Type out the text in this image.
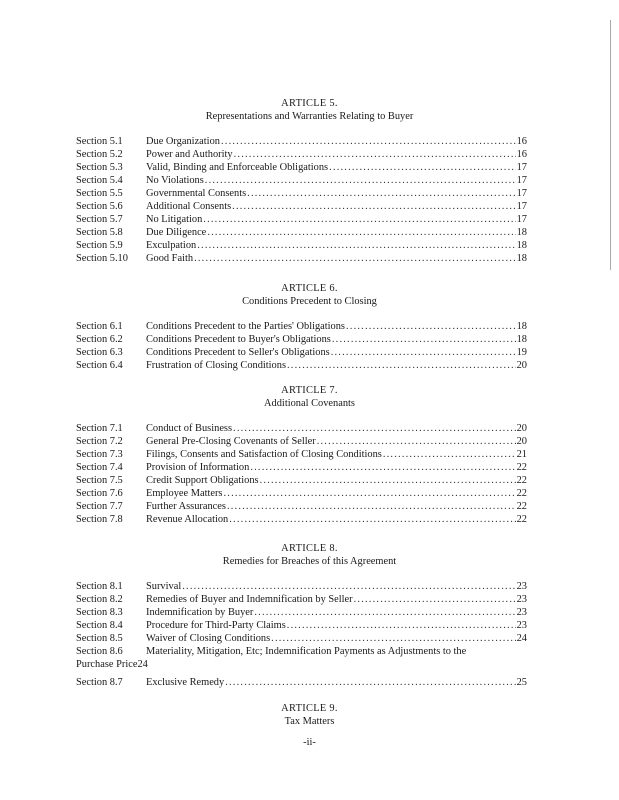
ARTICLE 5.
Representations and Warranties Relating to Buyer
Section 5.1	Due Organization .....	16
Section 5.2	Power and Authority .....	16
Section 5.3	Valid, Binding and Enforceable Obligations .....	17
Section 5.4	No Violations .....	17
Section 5.5	Governmental Consents .....	17
Section 5.6	Additional Consents .....	17
Section 5.7	No Litigation .....	17
Section 5.8	Due Diligence .....	18
Section 5.9	Exculpation .....	18
Section 5.10	Good Faith .....	18
ARTICLE 6.
Conditions Precedent to Closing
Section 6.1	Conditions Precedent to the Parties' Obligations .....	18
Section 6.2	Conditions Precedent to Buyer's Obligations .....	18
Section 6.3	Conditions Precedent to Seller's Obligations .....	19
Section 6.4	Frustration of Closing Conditions .....	20
ARTICLE 7.
Additional Covenants
Section 7.1	Conduct of Business .....	20
Section 7.2	General Pre-Closing Covenants of Seller .....	20
Section 7.3	Filings, Consents and Satisfaction of Closing Conditions .....	21
Section 7.4	Provision of Information .....	22
Section 7.5	Credit Support Obligations .....	22
Section 7.6	Employee Matters .....	22
Section 7.7	Further Assurances .....	22
Section 7.8	Revenue Allocation .....	22
ARTICLE 8.
Remedies for Breaches of this Agreement
Section 8.1	Survival .....	23
Section 8.2	Remedies of Buyer and Indemnification by Seller .....	23
Section 8.3	Indemnification by Buyer .....	23
Section 8.4	Procedure for Third-Party Claims .....	23
Section 8.5	Waiver of Closing Conditions .....	24
Section 8.6	Materiality, Mitigation, Etc; Indemnification Payments as Adjustments to the
Purchase Price24
Section 8.7	Exclusive Remedy .....	25
ARTICLE 9.
Tax Matters
-ii-
